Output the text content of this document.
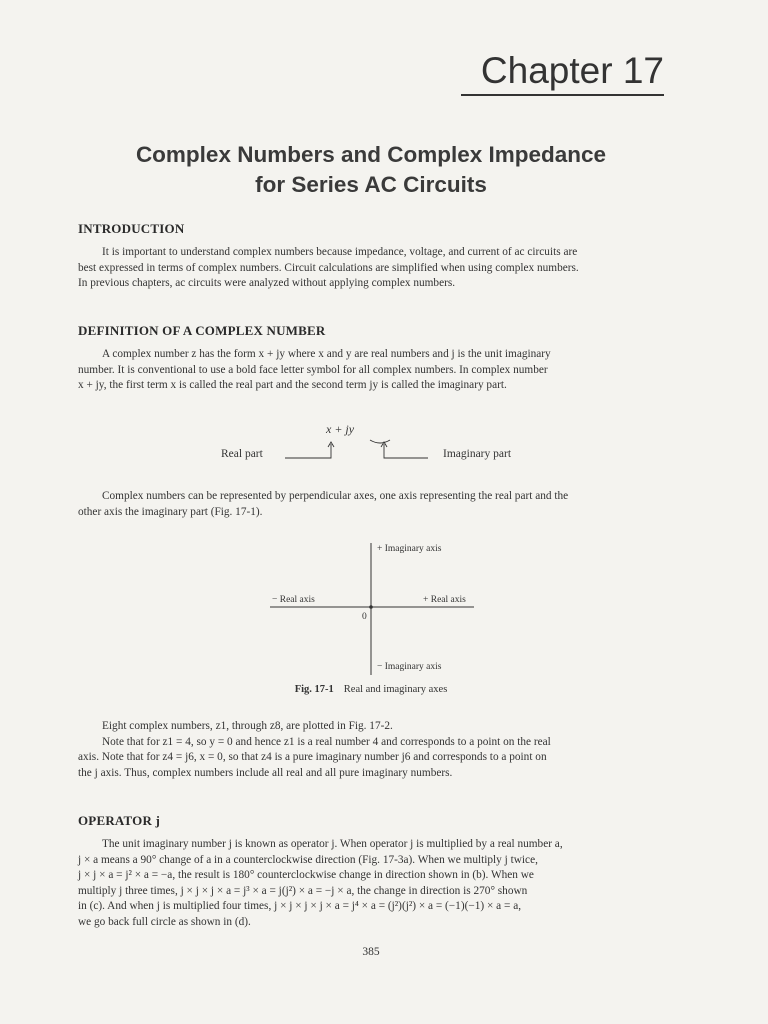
Chapter 17
Complex Numbers and Complex Impedance
for Series AC Circuits
INTRODUCTION
It is important to understand complex numbers because impedance, voltage, and current of ac circuits are
best expressed in terms of complex numbers. Circuit calculations are simplified when using complex numbers.
In previous chapters, ac circuits were analyzed without applying complex numbers.
DEFINITION OF A COMPLEX NUMBER
A complex number z has the form x + jy where x and y are real numbers and j is the unit imaginary
number. It is conventional to use a bold face letter symbol for all complex numbers. In complex number
x + jy, the first term x is called the real part and the second term jy is called the imaginary part.
x + jy
Real part	Imaginary part
Complex numbers can be represented by perpendicular axes, one axis representing the real part and the
other axis the imaginary part (Fig. 17-1).
+ Imaginary axis
− Real axis	+ Real axis
0
− Imaginary axis
Fig. 17-1 Real and imaginary axes
Eight complex numbers, z1, through z8, are plotted in Fig. 17-2.
Note that for z1 = 4, so y = 0 and hence z1 is a real number 4 and corresponds to a point on the real
axis. Note that for z4 = j6, x = 0, so that z4 is a pure imaginary number j6 and corresponds to a point on
the j axis. Thus, complex numbers include all real and all pure imaginary numbers.
OPERATOR j
The unit imaginary number j is known as operator j. When operator j is multiplied by a real number a,
j × a means a 90° change of a in a counterclockwise direction (Fig. 17-3a). When we multiply j twice,
j × j × a = j² × a = −a, the result is 180° counterclockwise change in direction shown in (b). When we
multiply j three times, j × j × j × a = j³ × a = j(j²) × a = −j × a, the change in direction is 270° shown
in (c). And when j is multiplied four times, j × j × j × j × a = j⁴ × a = (j²)(j²) × a = (−1)(−1) × a = a,
we go back full circle as shown in (d).
385
